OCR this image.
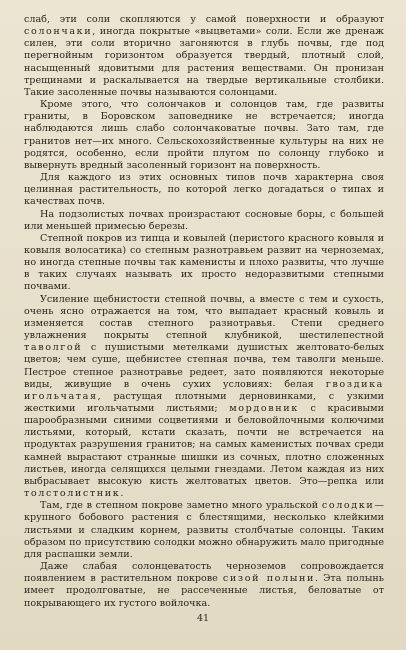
слаб, эти соли скопляются у самой поверхности и образуют солончаки, иногда покрытые «выцветами» соли. Если же дренаж силен, эти соли вторично загоняются в глубь почвы, где под перегнойным горизонтом образуется твердый, плотный слой, насыщенный ядовитыми для растения веществами. Он пронизан трещинами и раскалывается на твердые вертикальные столбики. Такие засоленные почвы называются солонцами.

Кроме этого, что солончаков и солонцов там, где развиты граниты, в Боровском заповеднике не встречается; иногда наблюдаются лишь слабо солончаковатые почвы. Зато там, где гранитов нет—их много. Сельскохозяйственные культуры на них не родятся, особенно, если пройти плугом по солонцу глубоко и вывернуть вредный засоленный горизонт на поверхность.

Для каждого из этих основных типов почв характерна своя целинная растительность, по которой легко догадаться о типах и качествах почв.

На подзолистых почвах произрастают сосновые боры, с большей или меньшей примесью березы.

Степной покров из типца и ковылей (перистого красного ковыля и ковыля волосатика) со степным разнотравьем развит на черноземах, но иногда степные почвы так каменисты и плохо развиты, что лучше в таких случаях называть их просто недоразвитыми степными почвами.

Усиление щебнистости степной почвы, а вместе с тем и сухость, очень ясно отражается на том, что выпадает красный ковыль и изменяется состав степного разнотравья. Степи среднего увлажнения покрыты степной клубникой, шестилепестной таволгой с пушистыми метелками душистых желтовато-белых цветов; чем суше, щебнистее степная почва, тем таволги меньше. Пестрое степное разнотравье редеет, зато появляются некоторые виды, живущие в очень сухих условиях: белая гвоздика игольчатая, растущая плотными дерновинками, с узкими жесткими игольчатыми листьями; мордовник с красивыми шарообразными синими соцветиями и беловойлочными колючими листьями, который, кстати сказать, почти не встречается на продуктах разрушения гранитов; на самых каменистых почвах среди камней вырастают странные шишки из сочных, плотно сложенных листьев, иногда селящихся целыми гнездами. Летом каждая из них выбрасывает высокую кисть желтоватых цветов. Это—репка или толстолистник.

Там, где в степном покрове заметно много уральской солодки—крупного бобового растения с блестящими, несколько клейкими листьями и сладким корнем, развиты столбчатые солонцы. Таким образом по присутствию солодки можно обнаружить мало пригодные для распашки земли.

Даже слабая солонцеватость черноземов сопровождается появлением в растительном покрове сизой полыни. Эта полынь имеет продолговатые, не рассеченные листья, беловатые от покрывающего их густого войлочка.

41
